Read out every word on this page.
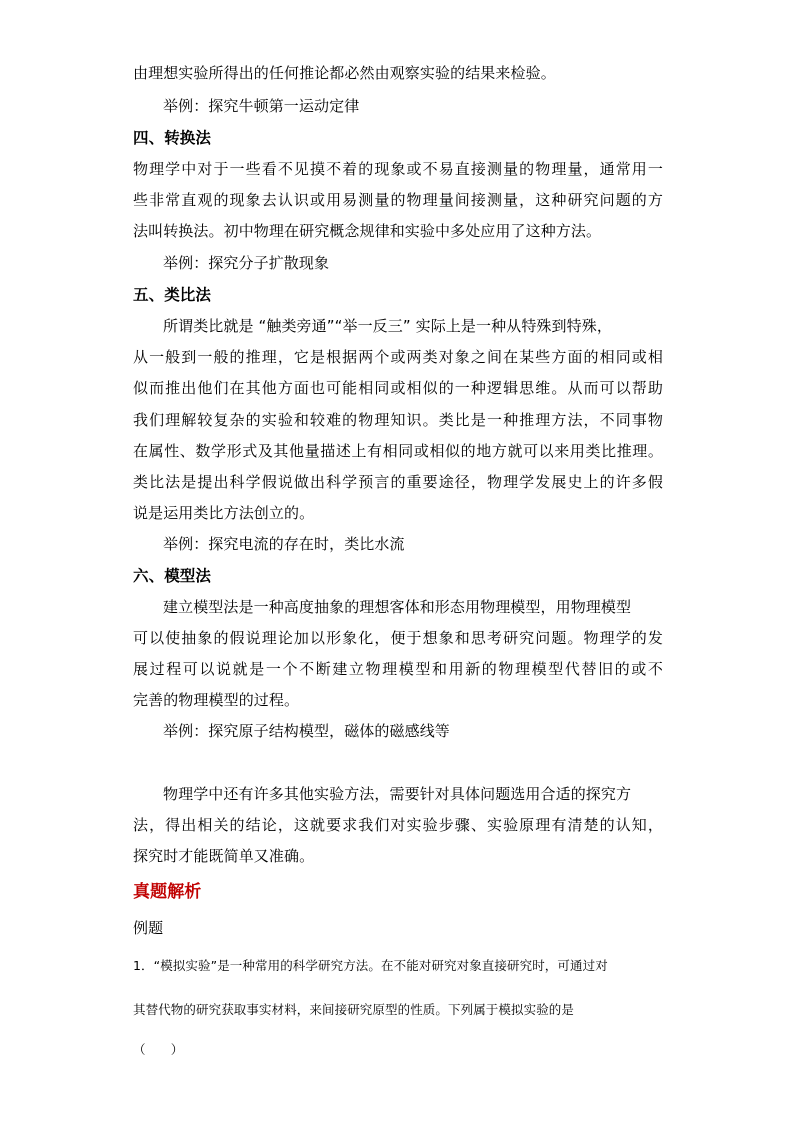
由理想实验所得出的任何推论都必然由观察实验的结果来检验。
举例：探究牛顿第一运动定律
四、转换法
物理学中对于一些看不见摸不着的现象或不易直接测量的物理量，通常用一
些非常直观的现象去认识或用易测量的物理量间接测量，这种研究问题的方
法叫转换法。初中物理在研究概念规律和实验中多处应用了这种方法。
举例：探究分子扩散现象
五、类比法
所谓类比就是 “触类旁通”“举一反三” 实际上是一种从特殊到特殊，
从一般到一般的推理，它是根据两个或两类对象之间在某些方面的相同或相
似而推出他们在其他方面也可能相同或相似的一种逻辑思维。从而可以帮助
我们理解较复杂的实验和较难的物理知识。类比是一种推理方法，不同事物
在属性、数学形式及其他量描述上有相同或相似的地方就可以来用类比推理。
类比法是提出科学假说做出科学预言的重要途径，物理学发展史上的许多假
说是运用类比方法创立的。
举例：探究电流的存在时，类比水流
六、模型法
建立模型法是一种高度抽象的理想客体和形态用物理模型，用物理模型
可以使抽象的假说理论加以形象化，便于想象和思考研究问题。物理学的发
展过程可以说就是一个不断建立物理模型和用新的物理模型代替旧的或不
完善的物理模型的过程。
举例：探究原子结构模型，磁体的磁感线等
物理学中还有许多其他实验方法，需要针对具体问题选用合适的探究方
法，得出相关的结论，这就要求我们对实验步骤、实验原理有清楚的认知，
探究时才能既简单又准确。
真题解析
例题
1．“模拟实验”是一种常用的科学研究方法。在不能对研究对象直接研究时，可通过对
其替代物的研究获取事实材料，来间接研究原型的性质。下列属于模拟实验的是
（　　）
